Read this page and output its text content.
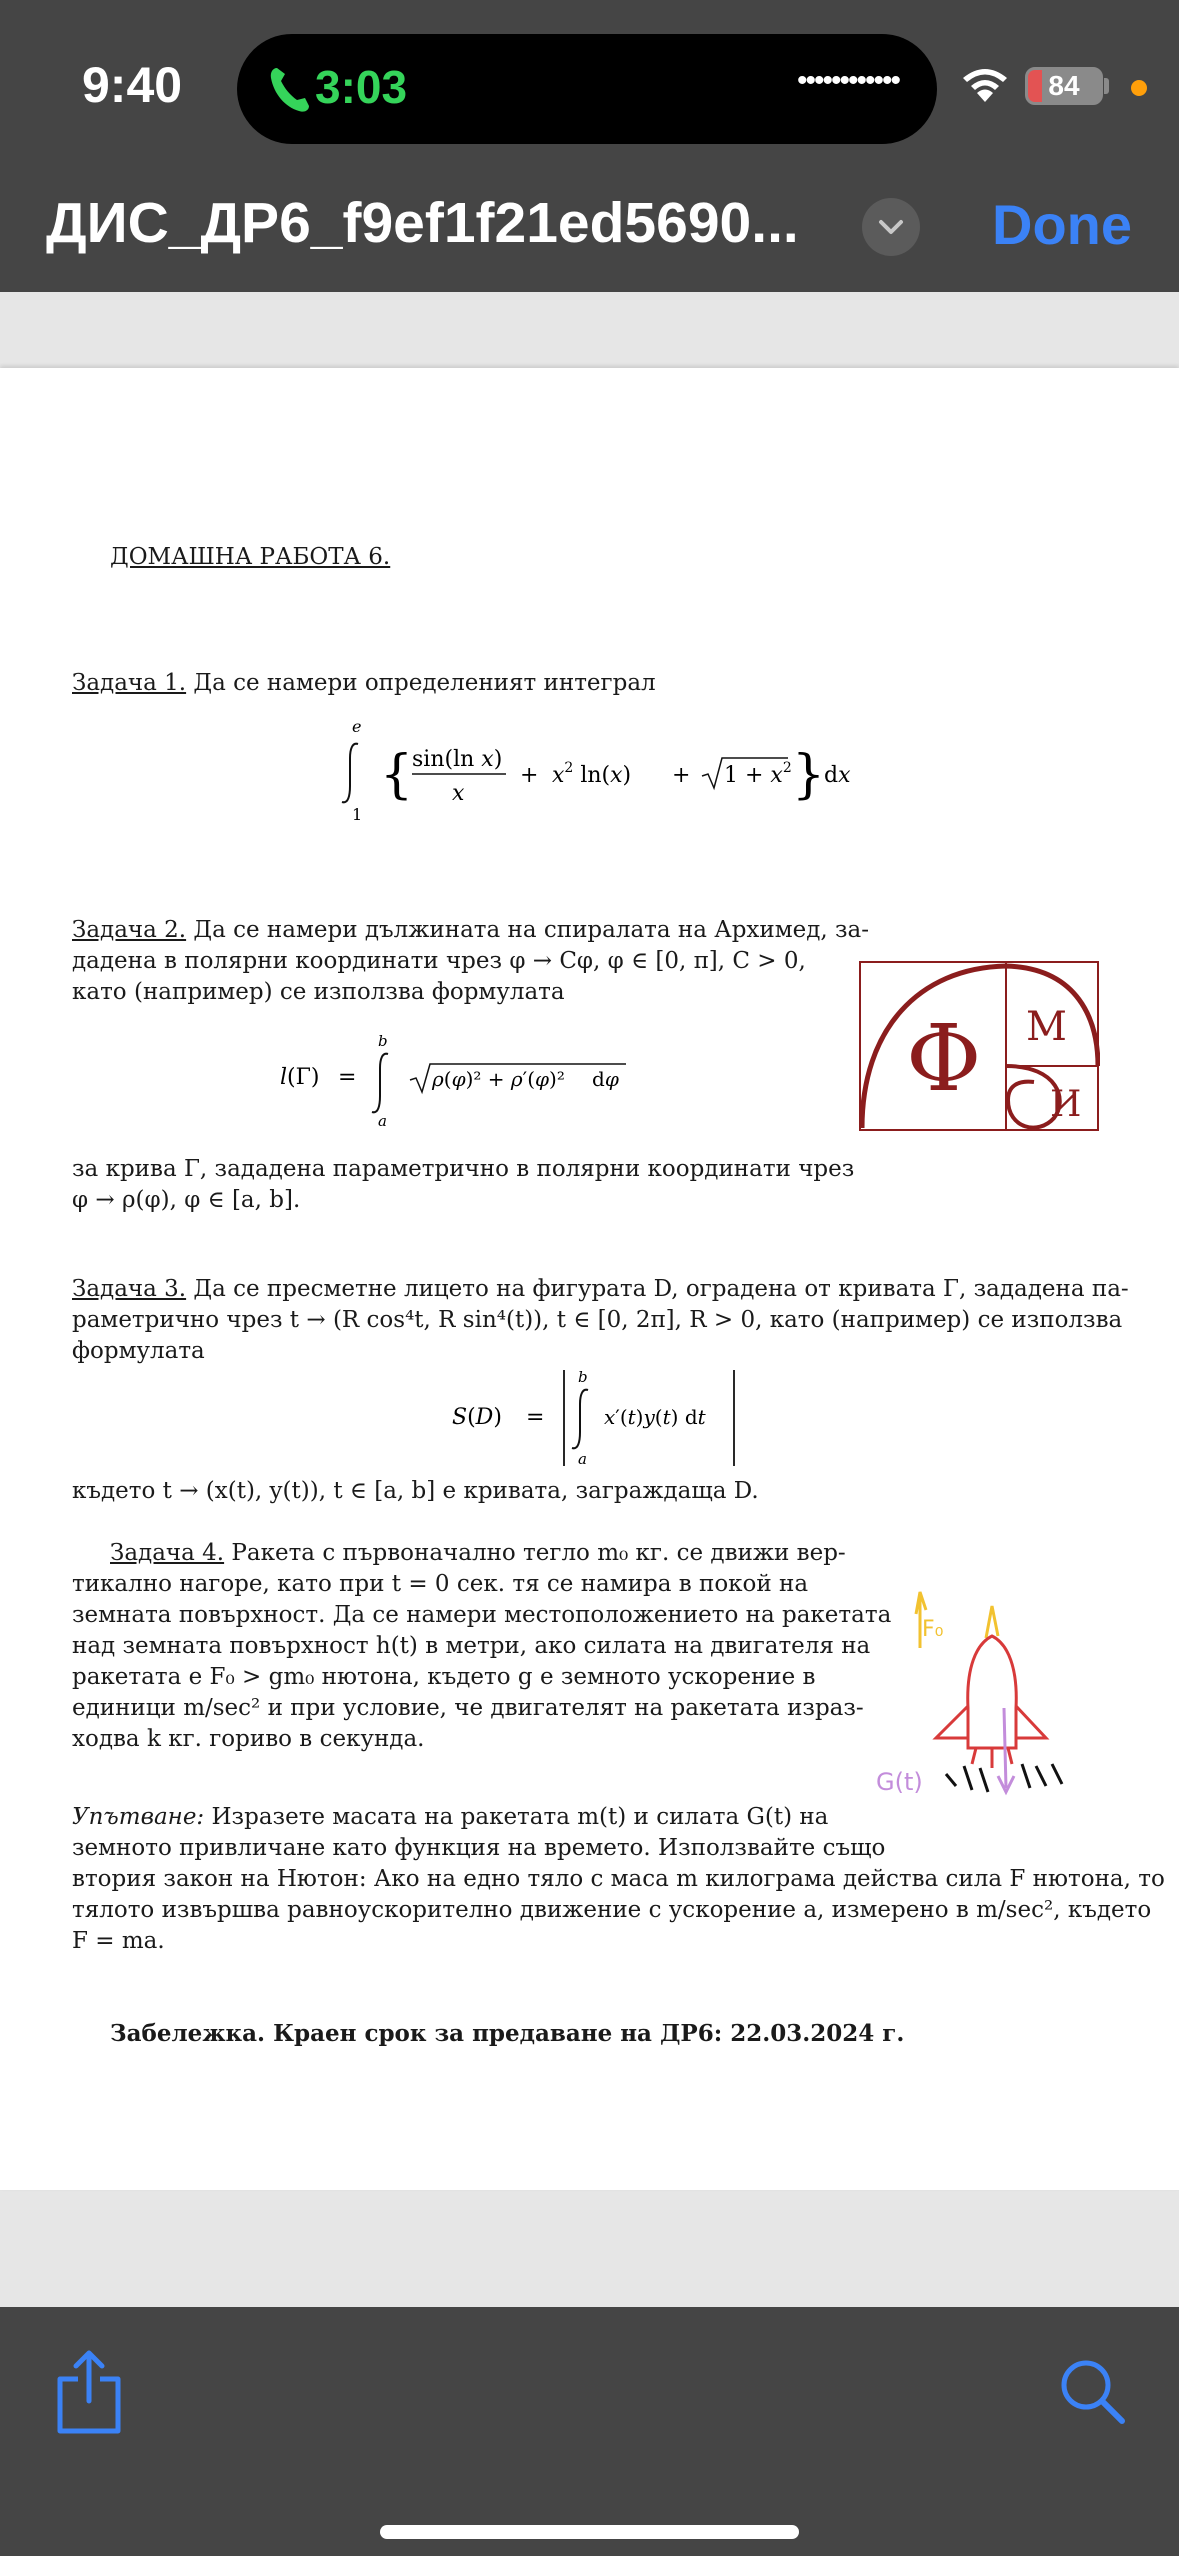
9:40	3:03	••••••••••••	84
ДИС_ДР6_f9ef1f21ed5690...	Done
ДОМАШНА РАБОТА 6.
Задача 1. Да се намери определеният интеграл
e
1
{
sin(ln x)
x
+ $x^2$ $\ln(x) + 1 + x^2$ }
dx
Задача 2. Да се намери дължината на спиралата на Архимед, за-
дадена в полярни координати чрез φ → Cφ, φ ∈ [0, π], C > 0,
като (например) се използва формулата
l(Γ) =
b
a
ρ(φ)² + ρ′(φ)² dφ
за крива Γ, зададена параметрично в полярни координати чрез
φ → ρ(φ), φ ∈ [a, b].
Φ М
И
Задача 3. Да се пресметне лицето на фигурата D, оградена от кривата Γ, зададена па-
раметрично чрез t → (R cos⁴t, R sin⁴(t)), t ∈ [0, 2π], R > 0, като (например) се използва
формулата
S(D) =
b
a
x′(t)y(t) dt
където t → (x(t), y(t)), t ∈ [a, b] е кривата, заграждаща D.
Задача 4. Ракета с първоначално тегло m₀ кг. се движи вер-
тикално нагоре, като при t = 0 сек. тя се намира в покой на
земната повърхност. Да се намери местоположението на ракетата
над земната повърхност h(t) в метри, ако силата на двигателя на
ракетата е F₀ > gm₀ нютона, където g е земното ускорение в
единици m/sec² и при условие, че двигателят на ракетата израз-
ходва k кг. гориво в секунда.
F₀
G(t)
Упътване: Изразете масата на ракетата m(t) и силата G(t) на
земното привличане като функция на времето. Използвайте също
втория закон на Нютон: Ако на едно тяло с маса m килограма действа сила F нютона, то
тялото извършва равноускорително движение с ускорение a, измерено в m/sec², където
F = ma.
Забележка. Краен срок за предаване на ДР6: 22.03.2024 г.
